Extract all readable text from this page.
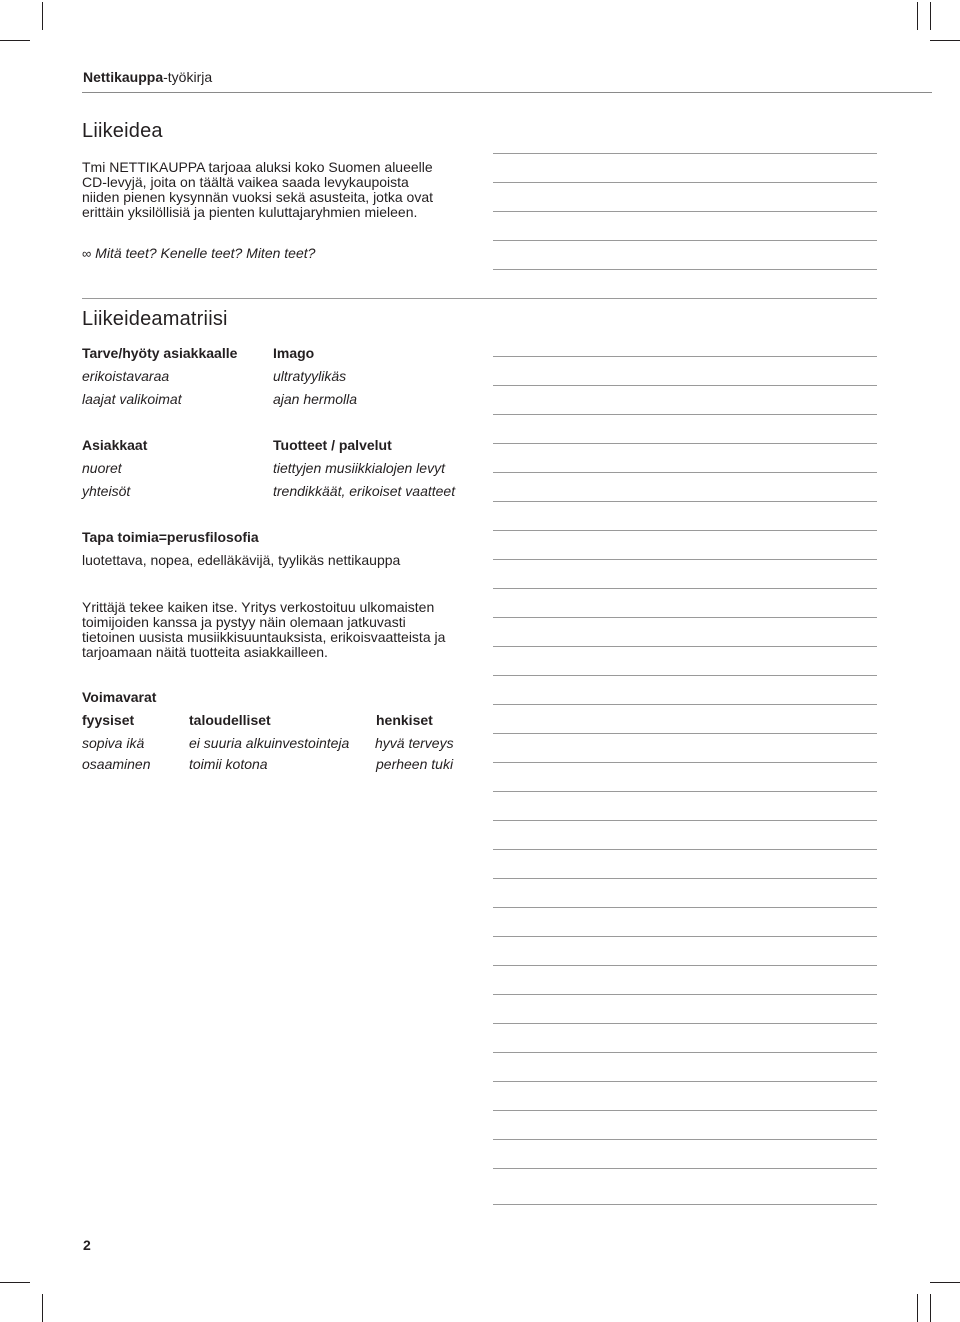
Nettikauppa-työkirja
Liikeidea
Tmi NETTIKAUPPA tarjoaa aluksi koko Suomen alueelle
CD-levyjä, joita on täältä vaikea saada levykaupoista
niiden pienen kysynnän vuoksi sekä asusteita, jotka ovat
erittäin yksilöllisiä ja pienten kuluttajaryhmien mieleen.
∞ Mitä teet? Kenelle teet? Miten teet?
Liikeideamatriisi
Tarve/hyöty asiakkaalle
erikoistavaraa
laajat valikoimat
Imago
ultratyylikäs
ajan hermolla
Asiakkaat
nuoret
yhteisöt
Tuotteet / palvelut
tiettyjen musiikkialojen levyt
trendikkäät, erikoiset vaatteet
Tapa toimia=perusfilosofia
luotettava, nopea, edelläkävijä, tyylikäs nettikauppa
Yrittäjä tekee kaiken itse. Yritys verkostoituu ulkomaisten
toimijoiden kanssa ja pystyy näin olemaan jatkuvasti
tietoinen uusista musiikkisuuntauksista, erikoisvaatteista ja
tarjoamaan näitä tuotteita asiakkailleen.
Voimavarat
fyysiset
sopiva ikä
osaaminen
taloudelliset
ei suuria alkuinvestointeja
toimii kotona
henkiset
hyvä terveys
perheen tuki
2
